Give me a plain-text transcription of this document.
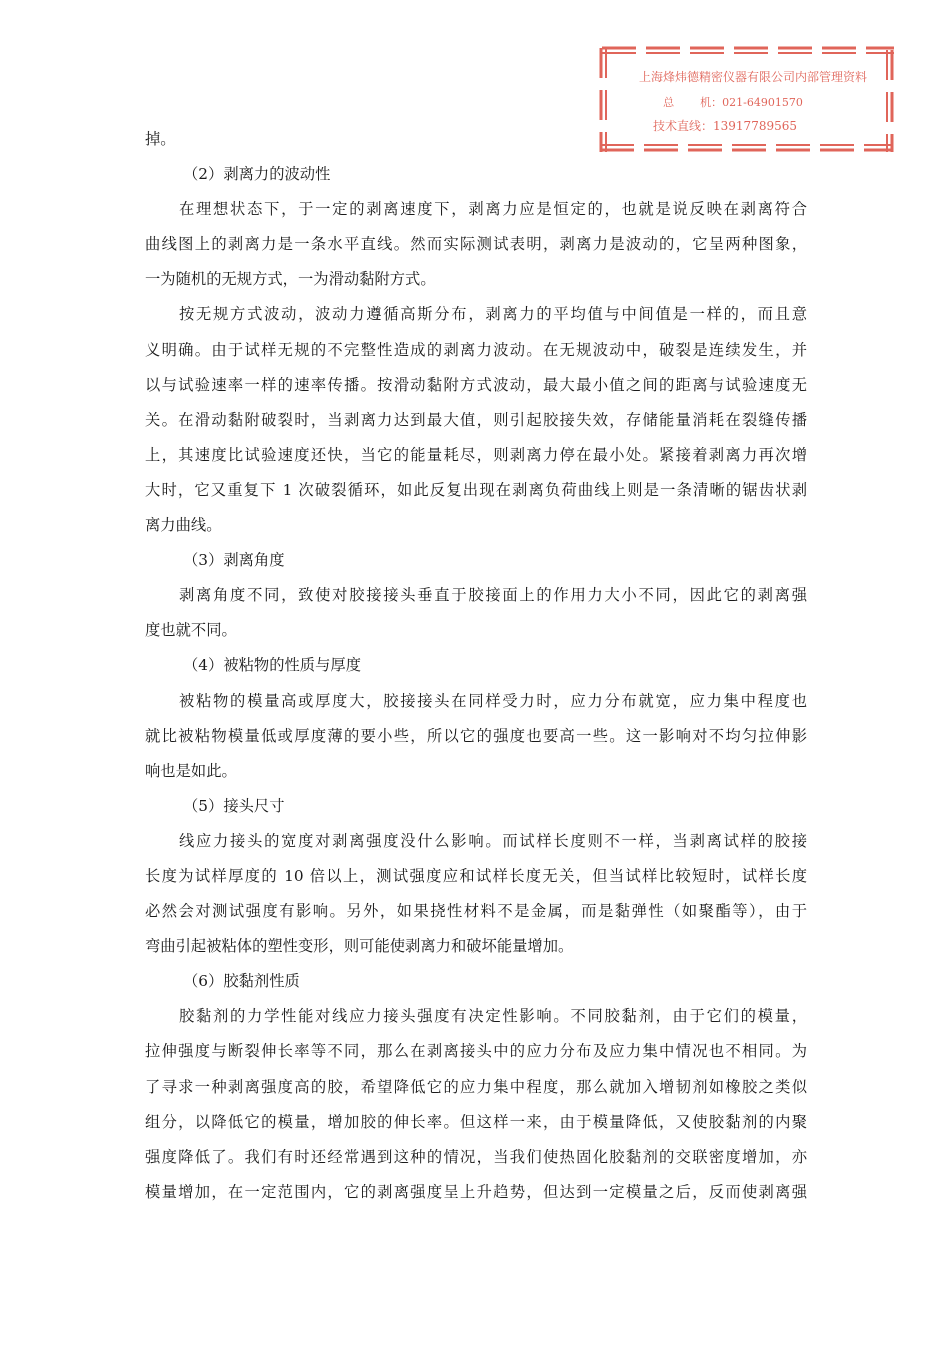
上海烽炜德精密仪器有限公司内部管理资料
总 机：021-64901570
技术直线：13917789565
掉。
（2）剥离力的波动性
在理想状态下，于一定的剥离速度下，剥离力应是恒定的，也就是说反映在剥离符合
曲线图上的剥离力是一条水平直线。然而实际测试表明，剥离力是波动的，它呈两种图象，
一为随机的无规方式，一为滑动黏附方式。
按无规方式波动，波动力遵循高斯分布，剥离力的平均值与中间值是一样的，而且意
义明确。由于试样无规的不完整性造成的剥离力波动。在无规波动中，破裂是连续发生，并
以与试验速率一样的速率传播。按滑动黏附方式波动，最大最小值之间的距离与试验速度无
关。在滑动黏附破裂时，当剥离力达到最大值，则引起胶接失效，存储能量消耗在裂缝传播
上，其速度比试验速度还快，当它的能量耗尽，则剥离力停在最小处。紧接着剥离力再次增
大时，它又重复下 1 次破裂循环，如此反复出现在剥离负荷曲线上则是一条清晰的锯齿状剥
离力曲线。
（3）剥离角度
剥离角度不同，致使对胶接接头垂直于胶接面上的作用力大小不同，因此它的剥离强
度也就不同。
（4）被粘物的性质与厚度
被粘物的模量高或厚度大，胶接接头在同样受力时，应力分布就宽，应力集中程度也
就比被粘物模量低或厚度薄的要小些，所以它的强度也要高一些。这一影响对不均匀拉伸影
响也是如此。
（5）接头尺寸
线应力接头的宽度对剥离强度没什么影响。而试样长度则不一样，当剥离试样的胶接
长度为试样厚度的 10 倍以上，测试强度应和试样长度无关，但当试样比较短时，试样长度
必然会对测试强度有影响。另外，如果挠性材料不是金属，而是黏弹性（如聚酯等），由于
弯曲引起被粘体的塑性变形，则可能使剥离力和破坏能量增加。
（6）胶黏剂性质
胶黏剂的力学性能对线应力接头强度有决定性影响。不同胶黏剂，由于它们的模量，
拉伸强度与断裂伸长率等不同，那么在剥离接头中的应力分布及应力集中情况也不相同。为
了寻求一种剥离强度高的胶，希望降低它的应力集中程度，那么就加入增韧剂如橡胶之类似
组分，以降低它的模量，增加胶的伸长率。但这样一来，由于模量降低，又使胶黏剂的内聚
强度降低了。我们有时还经常遇到这种的情况，当我们使热固化胶黏剂的交联密度增加，亦
模量增加，在一定范围内，它的剥离强度呈上升趋势，但达到一定模量之后，反而使剥离强
